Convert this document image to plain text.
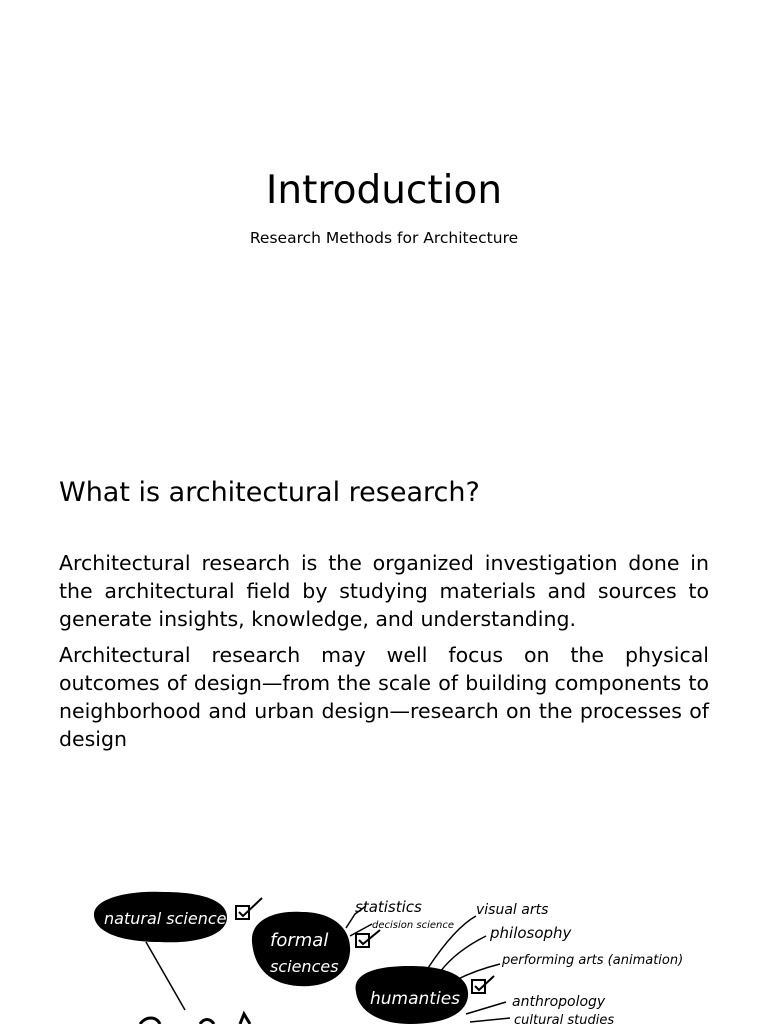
Introduction

Research Methods for Architecture

What is architectural research?

Architectural research is the organized investigation done in the architectural field by studying materials and sources to generate insights, knowledge, and understanding.

Architectural research may well focus on the physical outcomes of design—from the scale of building components to neighborhood and urban design—research on the processes of design

natural sciences
formal
sciences
statistics
decision science
humanties
visual arts
philosophy
performing arts (animation)
anthropology
cultural studies
